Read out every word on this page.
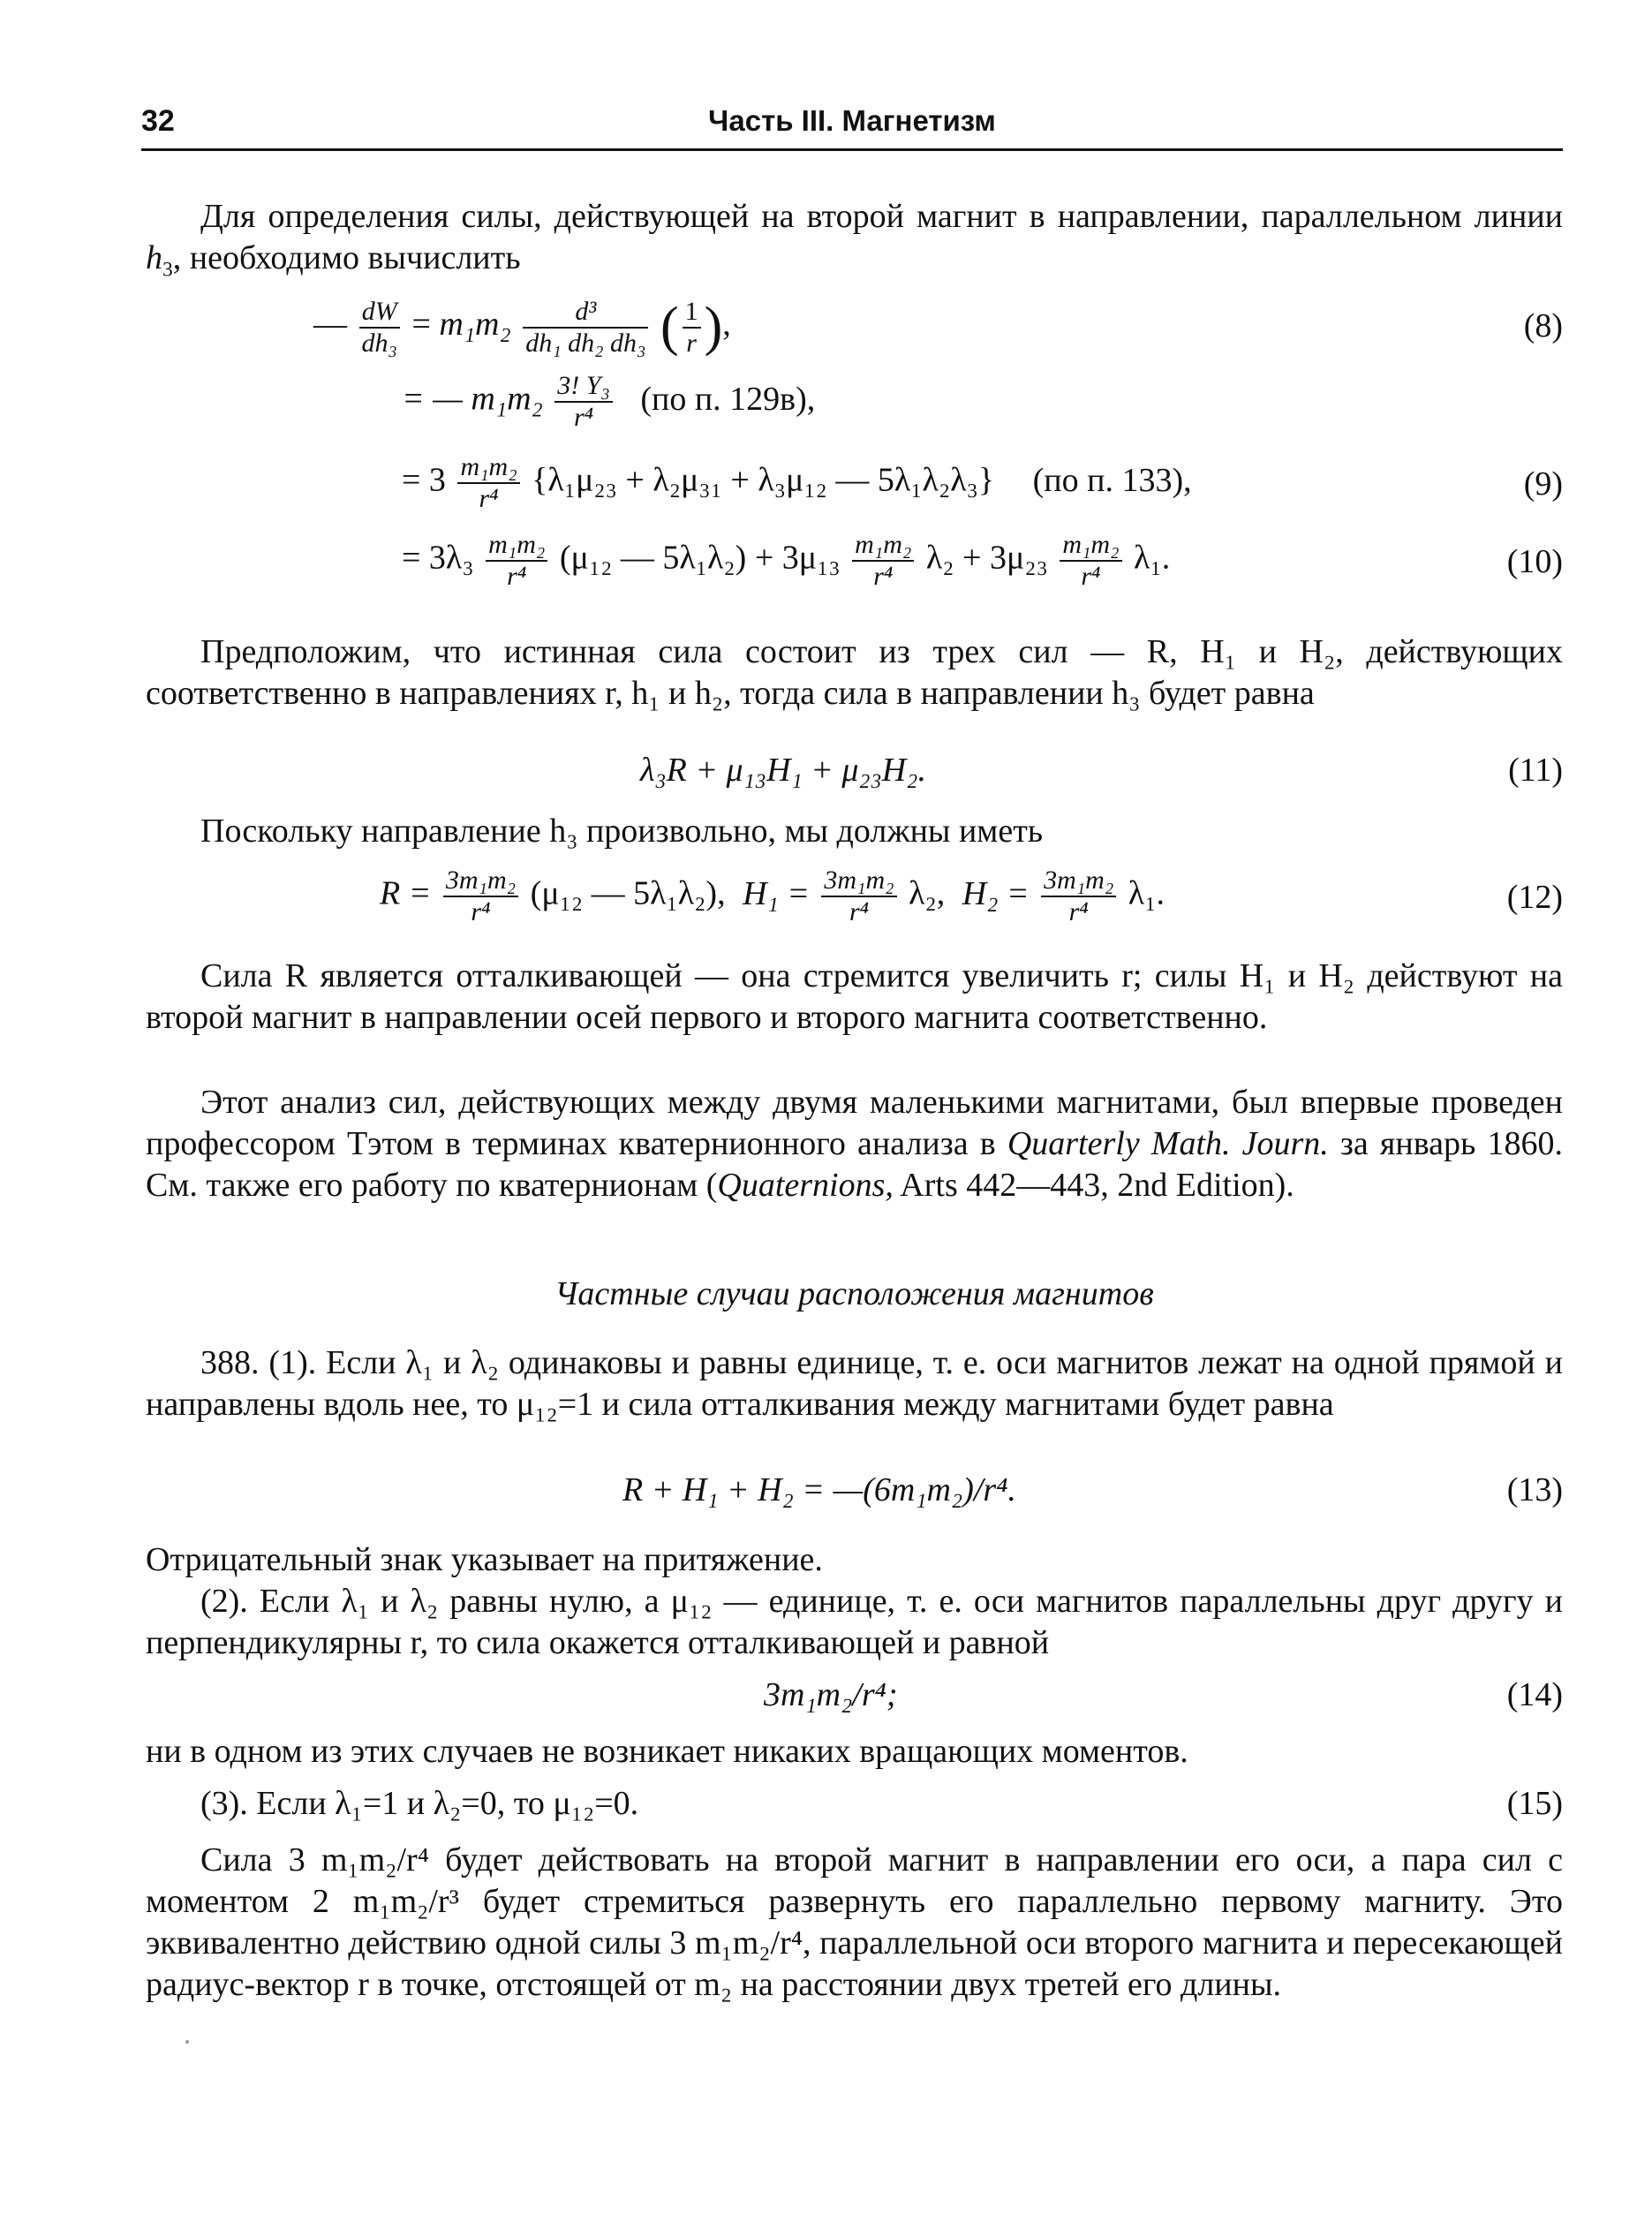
32	Часть III. Магнетизм
Для определения силы, действующей на второй магнит в направлении, параллельном линии $h_3$, необходимо вычислить
— $\frac{dW}{\text{dh₃}} = m_1m_2 \frac{\text{d³}}{\text{dh₁ dh₂ dh₃}}$ ( $\frac{1}{r}$ ),	(8)
= — $m_1m_2 \frac{\text{3! Y₃}}{\text{r⁴}} (по$ п. 129в),
= $3 \frac{\text{m₁m₂}}{\text{r⁴}} \{\lambda_1\mu_{23} + \lambda_2\mu_{31} + \lambda_3\mu_{12}$ — 5λ₁λ₂λ₃} (по п. 133),	(9)
= $3\lambda_3 \frac{\text{m₁m₂}}{\text{r⁴}} (\mu_{12}$ — $5\lambda_1\lambda_2) + 3\mu_{13} \frac{\text{m₁m₂}}{\text{r⁴}} \lambda_2 + 3\mu_{23} \frac{\text{m₁m₂}}{\text{r⁴}} \lambda_1$.	(10)
Предположим, что истинная сила состоит из трех сил — R, H₁ и H₂, действующих соответственно в направлениях r, h₁ и h₂, тогда сила в направлении h₃ будет равна
λ₃R + μ₁₃H₁ + μ₂₃H₂.	(11)
Поскольку направление h₃ произвольно, мы должны иметь
$R = \frac{\text{3m₁m₂}}{\text{r⁴}} (\mu_{12}$ — 5λ₁λ₂), $H_1 = \frac{\text{3m₁m₂}}{\text{r⁴}} \lambda_2$, $H_2 = \frac{\text{3m₁m₂}}{\text{r⁴}} \lambda_1$.	(12)
Сила R является отталкивающей — она стремится увеличить r; силы H₁ и H₂ действуют на второй магнит в направлении осей первого и второго магнита соответственно.
Этот анализ сил, действующих между двумя маленькими магнитами, был впервые проведен профессором Тэтом в терминах кватернионного анализа в Quarterly Math. Journ. за январь 1860. См. также его работу по кватернионам (Quaternions, Arts 442—443, 2nd Edition).
Частные случаи расположения магнитов
388. (1). Если λ₁ и λ₂ одинаковы и равны единице, т. е. оси магнитов лежат на одной прямой и направлены вдоль нее, то μ₁₂=1 и сила отталкивания между магнитами будет равна
R + H₁ + H₂ = —(6m₁m₂)/r⁴.	(13)
Отрицательный знак указывает на притяжение.
(2). Если λ₁ и λ₂ равны нулю, а μ₁₂ — единице, т. е. оси магнитов параллельны друг другу и перпендикулярны r, то сила окажется отталкивающей и равной
3m₁m₂/r⁴;	(14)
ни в одном из этих случаев не возникает никаких вращающих моментов.
(3). Если λ₁=1 и λ₂=0, то μ₁₂=0.	(15)
Сила 3 m₁m₂/r⁴ будет действовать на второй магнит в направлении его оси, а пара сил с моментом 2 m₁m₂/r³ будет стремиться развернуть его параллельно первому магниту. Это эквивалентно действию одной силы 3 m₁m₂/r⁴, параллельной оси второго магнита и пересекающей радиус-вектор r в точке, отстоящей от m₂ на расстоянии двух третей его длины.
